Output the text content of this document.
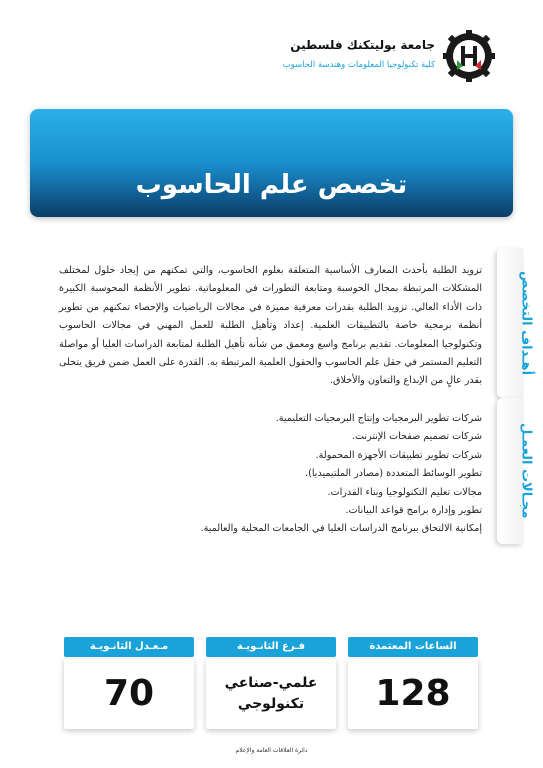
جامعة بوليتكنك فلسطين
كلية تكنولوجيا المعلومات وهندسة الحاسوب
تخصص علم الحاسوب
أهـداف التخصص
مجـالات العمـل
تزويد الطلبة بأحدث المعارف الأساسية المتعلقة بعلوم الحاسوب، والتي تمكنهم من إيجاد حلول لمختلف المشكلات المرتبطة بمجال الحوسبة ومتابعة التطورات في المعلوماتية. تطوير الأنظمة المحوسبة الكبيرة ذات الأداء العالي. تزويد الطلبة بقدرات معرفية مميزة في مجالات الرياضيات والإحصاء تمكنهم من تطوير أنظمة برمجية خاصة بالتطبيقات العلمية. إعداد وتأهيل الطلبة للعمل المهني في مجالات الحاسوب وتكنولوجيا المعلومات. تقديم برنامج واسع ومعمق من شأنه تأهيل الطلبة لمتابعة الدراسات العليا أو مواصلة التعليم المستمر في حقل علم الحاسوب والحقول العلمية المرتبطة به. القدرة على العمل ضمن فريق يتحلى بقدر عالٍ من الإبداع والتعاون والأخلاق.
شركات تطوير البرمجيات وإنتاج البرمجيات التعليمية.
شركات تصميم صفحات الإنترنت.
شركات تطوير تطبيقات الأجهزة المحمولة.
تطوير الوسائط المتعددة (مصادر الملتيميديا).
مجالات تعليم التكنولوجيا وبناء القدرات.
تطوير وإدارة برامج قواعد البيانات.
إمكانية الالتحاق ببرنامج الدراسات العليا في الجامعات المحلية والعالمية.
الساعات المعتمدة
128
فـرع الثانـويـة
علمي-صناعي
تكنولوجي
مـعـدل الثانـويـة
70
دائرة العلاقات العامة والإعلام
